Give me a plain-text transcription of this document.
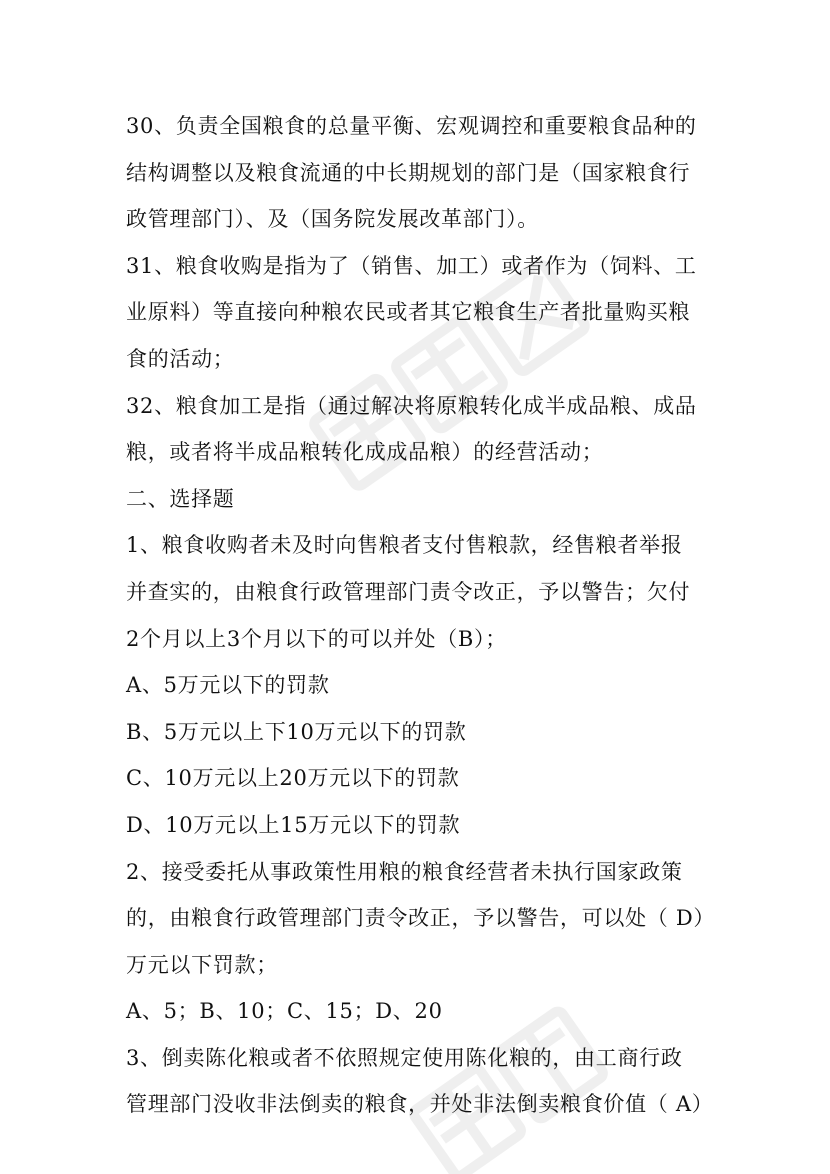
30、负责全国粮食的总量平衡、宏观调控和重要粮食品种的
结构调整以及粮食流通的中长期规划的部门是（国家粮食行
政管理部门）、及（国务院发展改革部门）。
31、粮食收购是指为了（销售、加工）或者作为（饲料、工
业原料）等直接向种粮农民或者其它粮食生产者批量购买粮
食的活动；
32、粮食加工是指（通过解决将原粮转化成半成品粮、成品
粮，或者将半成品粮转化成成品粮）的经营活动；
二、选择题
1、粮食收购者未及时向售粮者支付售粮款，经售粮者举报
并查实的，由粮食行政管理部门责令改正，予以警告；欠付
2个月以上3个月以下的可以并处（B）；
A、5万元以下的罚款
B、5万元以上下10万元以下的罚款
C、10万元以上20万元以下的罚款
D、10万元以上15万元以下的罚款
2、接受委托从事政策性用粮的粮食经营者未执行国家政策
的，由粮食行政管理部门责令改正，予以警告，可以处（ D）
万元以下罚款；
A、5；B、10；C、15；D、20
3、倒卖陈化粮或者不依照规定使用陈化粮的，由工商行政
管理部门没收非法倒卖的粮食，并处非法倒卖粮食价值（ A）
